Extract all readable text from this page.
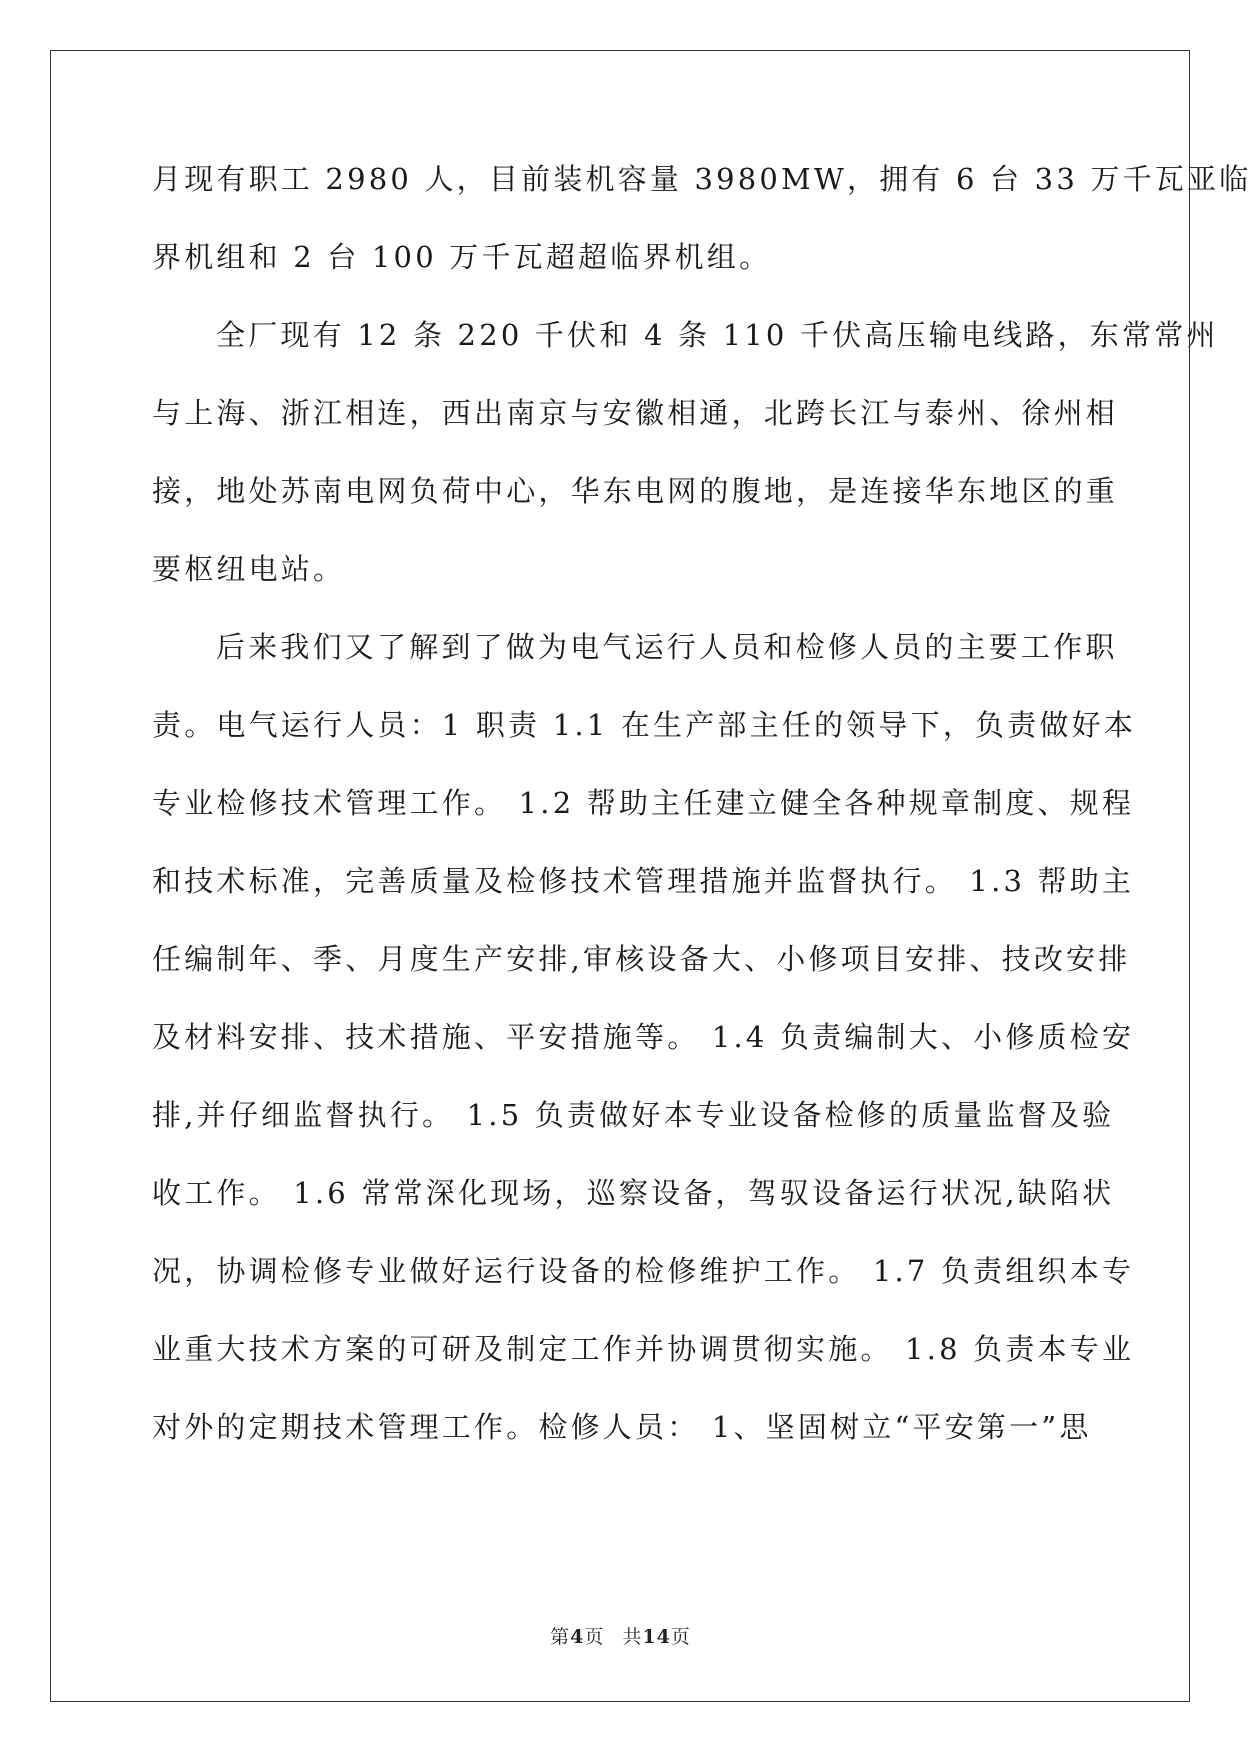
月现有职工 2980 人，目前装机容量 3980MW，拥有 6 台 33 万千瓦亚临
界机组和 2 台 100 万千瓦超超临界机组。
全厂现有 12 条 220 千伏和 4 条 110 千伏高压输电线路，东常常州
与上海、浙江相连，西出南京与安徽相通，北跨长江与泰州、徐州相
接，地处苏南电网负荷中心，华东电网的腹地，是连接华东地区的重
要枢纽电站。
后来我们又了解到了做为电气运行人员和检修人员的主要工作职
责。电气运行人员：1 职责 1.1 在生产部主任的领导下，负责做好本
专业检修技术管理工作。 1.2 帮助主任建立健全各种规章制度、规程
和技术标准，完善质量及检修技术管理措施并监督执行。 1.3 帮助主
任编制年、季、月度生产安排,审核设备大、小修项目安排、技改安排
及材料安排、技术措施、平安措施等。 1.4 负责编制大、小修质检安
排,并仔细监督执行。 1.5 负责做好本专业设备检修的质量监督及验
收工作。 1.6 常常深化现场，巡察设备，驾驭设备运行状况,缺陷状
况，协调检修专业做好运行设备的检修维护工作。 1.7 负责组织本专
业重大技术方案的可研及制定工作并协调贯彻实施。 1.8 负责本专业
对外的定期技术管理工作。检修人员： 1、坚固树立“平安第一”思
第4页 共14页
